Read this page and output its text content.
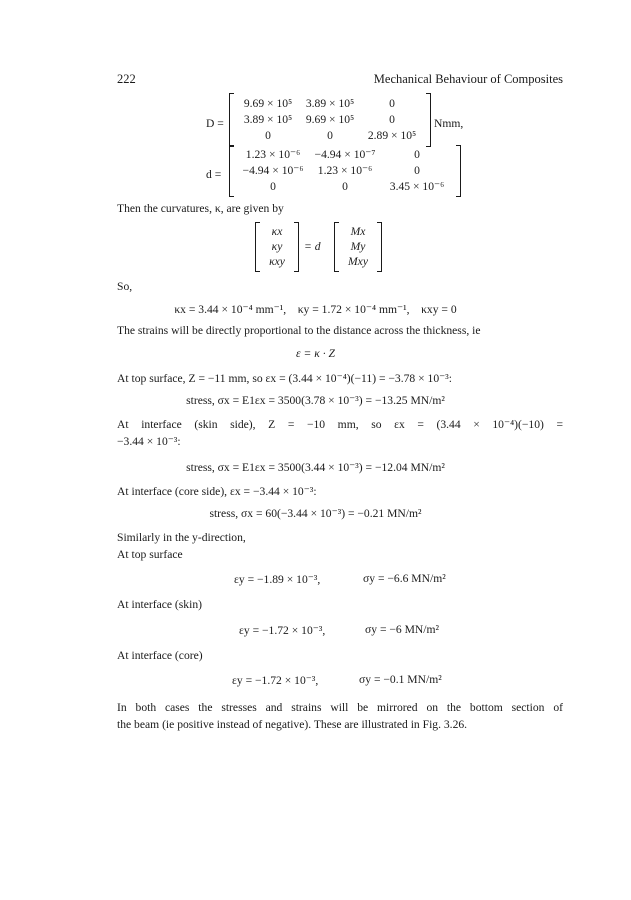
222	Mechanical Behaviour of Composites
D =
9.69 × 10⁵	3.89 × 10⁵	0
3.89 × 10⁵	9.69 × 10⁵	0
0	0	2.89 × 10⁵
Nmm,
d =
1.23 × 10⁻⁶	−4.94 × 10⁻⁷	0
−4.94 × 10⁻⁶	1.23 × 10⁻⁶	0
0	0	3.45 × 10⁻⁶
Then the curvatures, κ, are given by
κx
κy
κxy
= d
Mx
My
Mxy
So,
κx = 3.44 × 10⁻⁴ mm⁻¹,    κy = 1.72 × 10⁻⁴ mm⁻¹,    κxy = 0
The strains will be directly proportional to the distance across the thickness, ie
ε = κ · Z
At top surface, Z = −11 mm, so εx = (3.44 × 10⁻⁴)(−11) = −3.78 × 10⁻³:
stress, σx = E1εx = 3500(3.78 × 10⁻³) = −13.25 MN/m²
At interface (skin side), Z = −10 mm, so εx = (3.44 × 10⁻⁴)(−10) =
−3.44 × 10⁻³:
stress, σx = E1εx = 3500(3.44 × 10⁻³) = −12.04 MN/m²
At interface (core side), εx = −3.44 × 10⁻³:
stress, σx = 60(−3.44 × 10⁻³) = −0.21 MN/m²
Similarly in the y-direction,
At top surface
εy = −1.89 × 10⁻³,	σy = −6.6 MN/m²
At interface (skin)
εy = −1.72 × 10⁻³,	σy = −6 MN/m²
At interface (core)
εy = −1.72 × 10⁻³,	σy = −0.1 MN/m²
In both cases the stresses and strains will be mirrored on the bottom section of
the beam (ie positive instead of negative). These are illustrated in Fig. 3.26.
